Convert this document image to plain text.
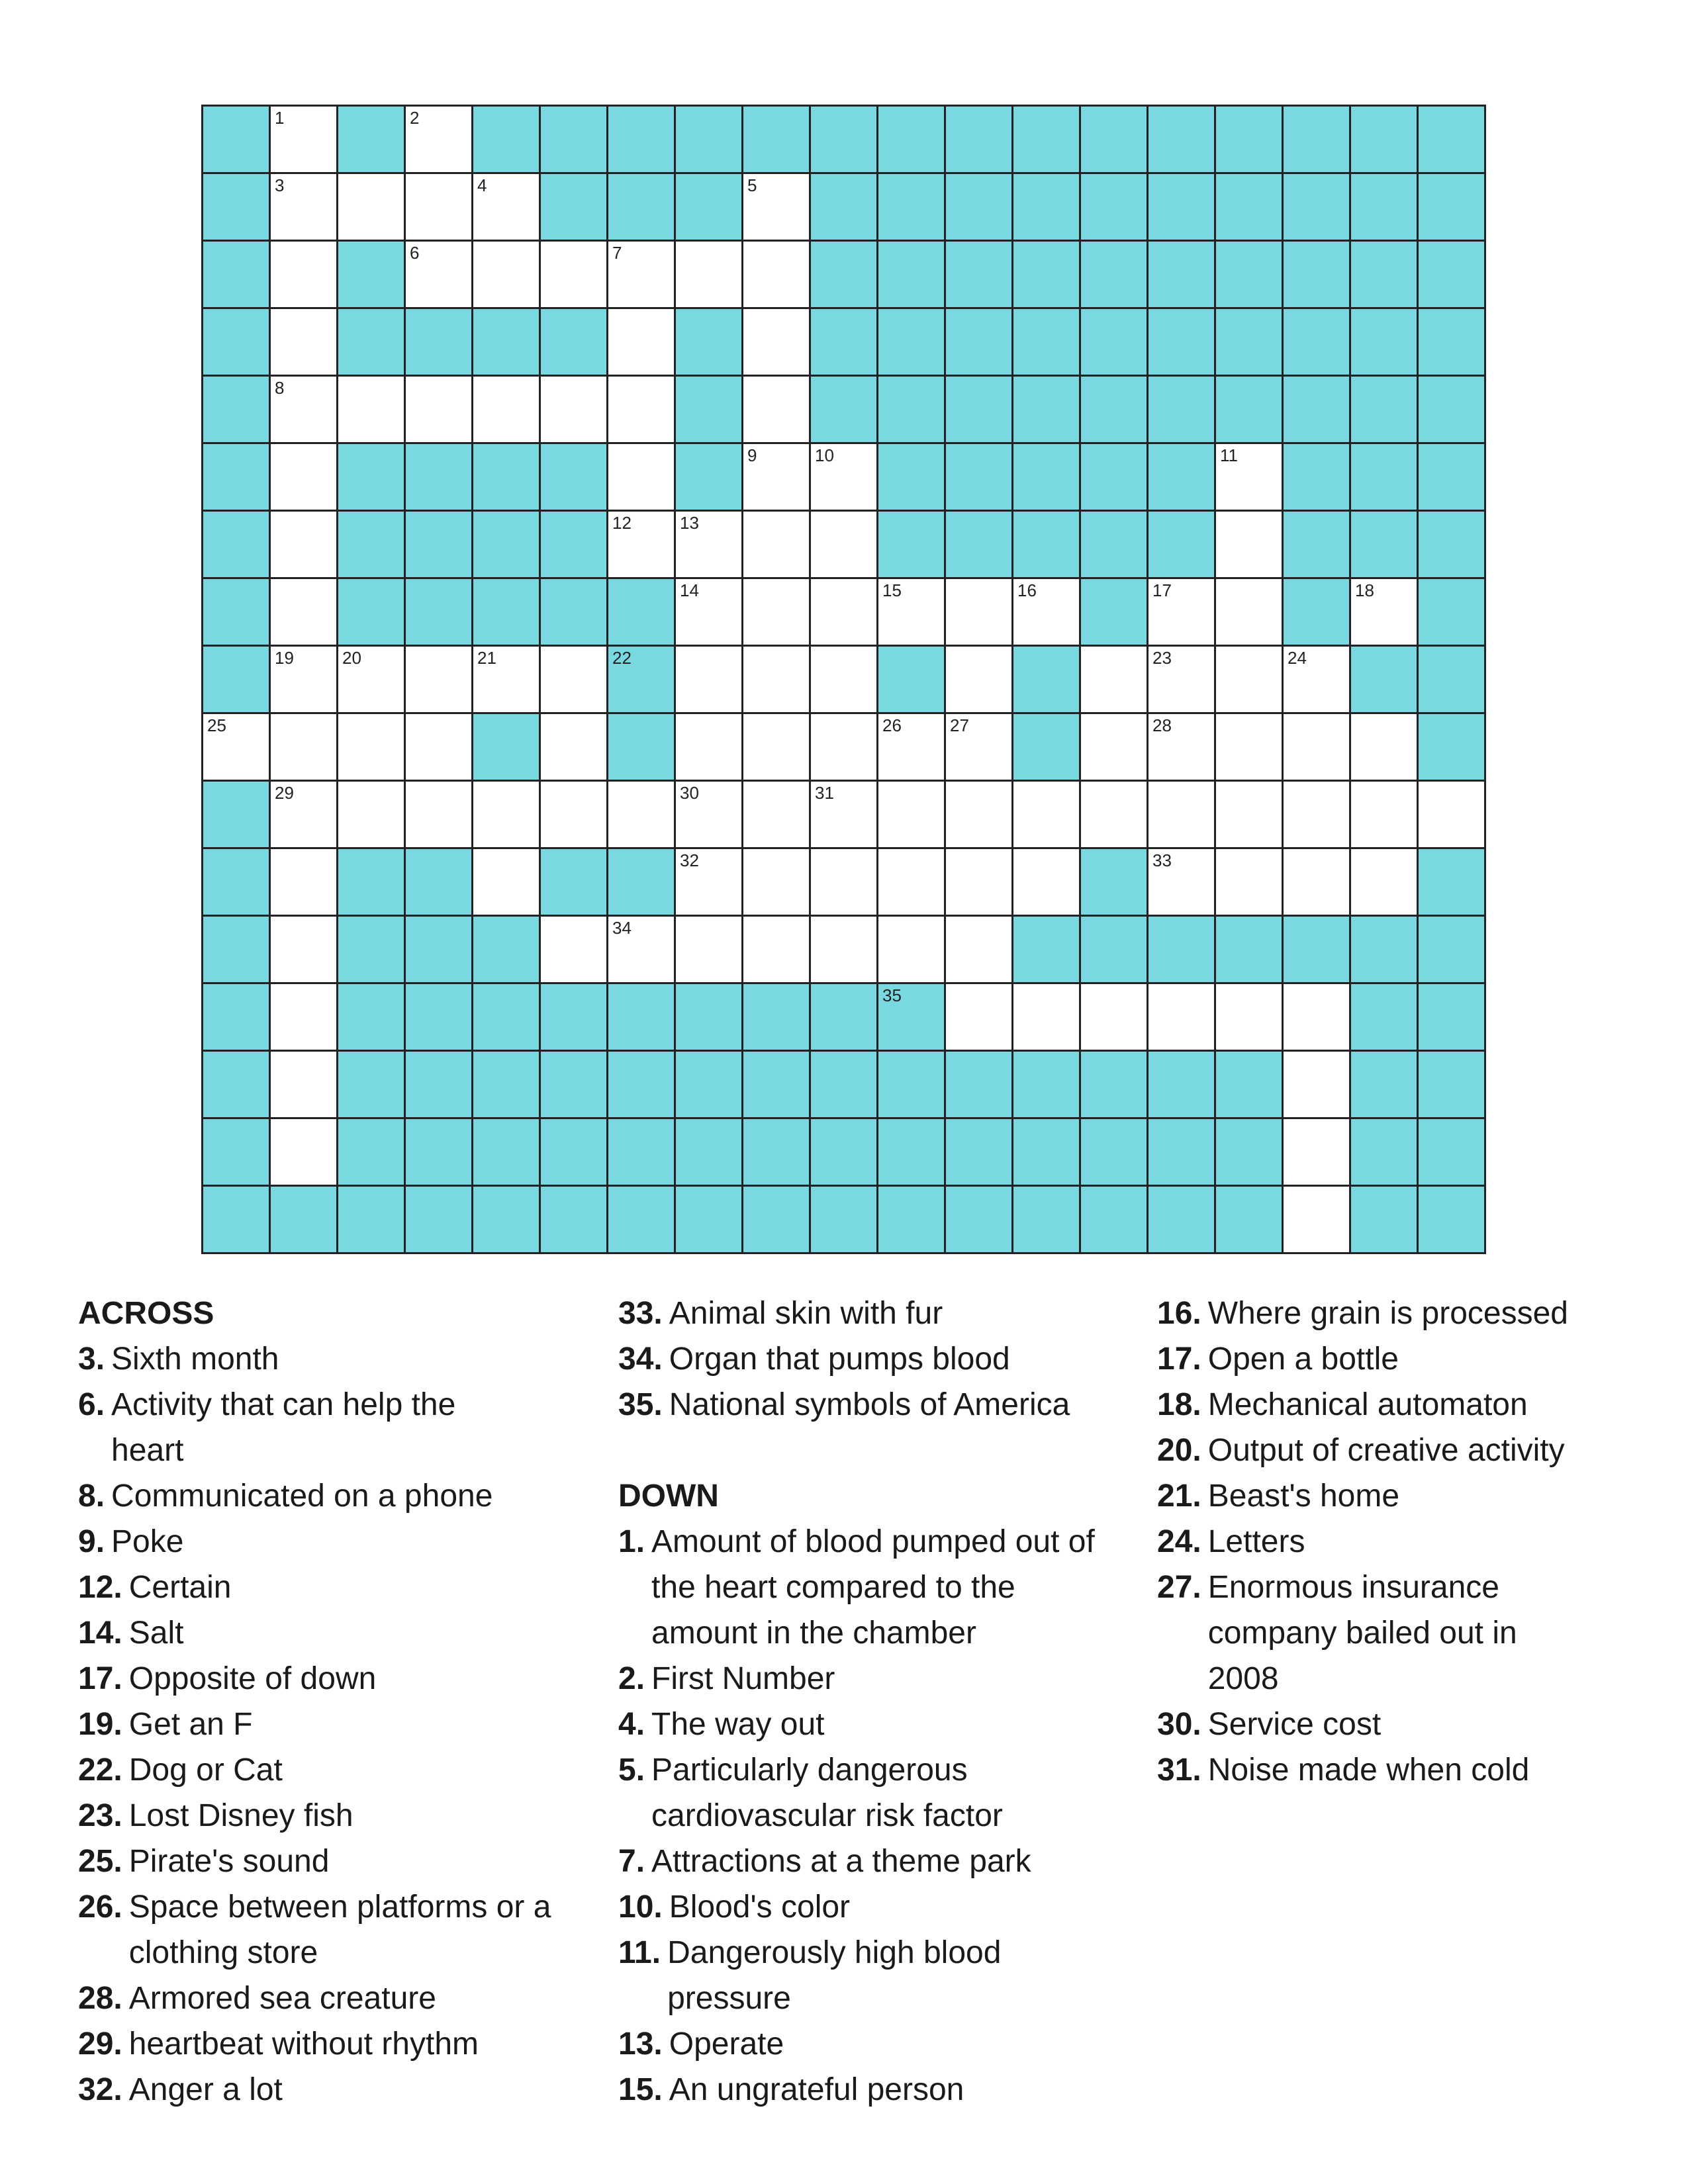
1	2
3	4	5
6	7
8
9	10	11
12	13
14	15	16	17	18
19	20	21	22	23	24
25	26	27	28
29	30	31
32	33
34
35
ACROSS
3. Sixth month
6. Activity that can help the heart
8. Communicated on a phone
9. Poke
12. Certain
14. Salt
17. Opposite of down
19. Get an F
22. Dog or Cat
23. Lost Disney fish
25. Pirate's sound
26. Space between platforms or a clothing store
28. Armored sea creature
29. heartbeat without rhythm
32. Anger a lot
33. Animal skin with fur
34. Organ that pumps blood
35. National symbols of America
DOWN
1. Amount of blood pumped out of the heart compared to the amount in the chamber
2. First Number
4. The way out
5. Particularly dangerous cardiovascular risk factor
7. Attractions at a theme park
10. Blood's color
11. Dangerously high blood pressure
13. Operate
15. An ungrateful person
16. Where grain is processed
17. Open a bottle
18. Mechanical automaton
20. Output of creative activity
21. Beast's home
24. Letters
27. Enormous insurance company bailed out in 2008
30. Service cost
31. Noise made when cold
